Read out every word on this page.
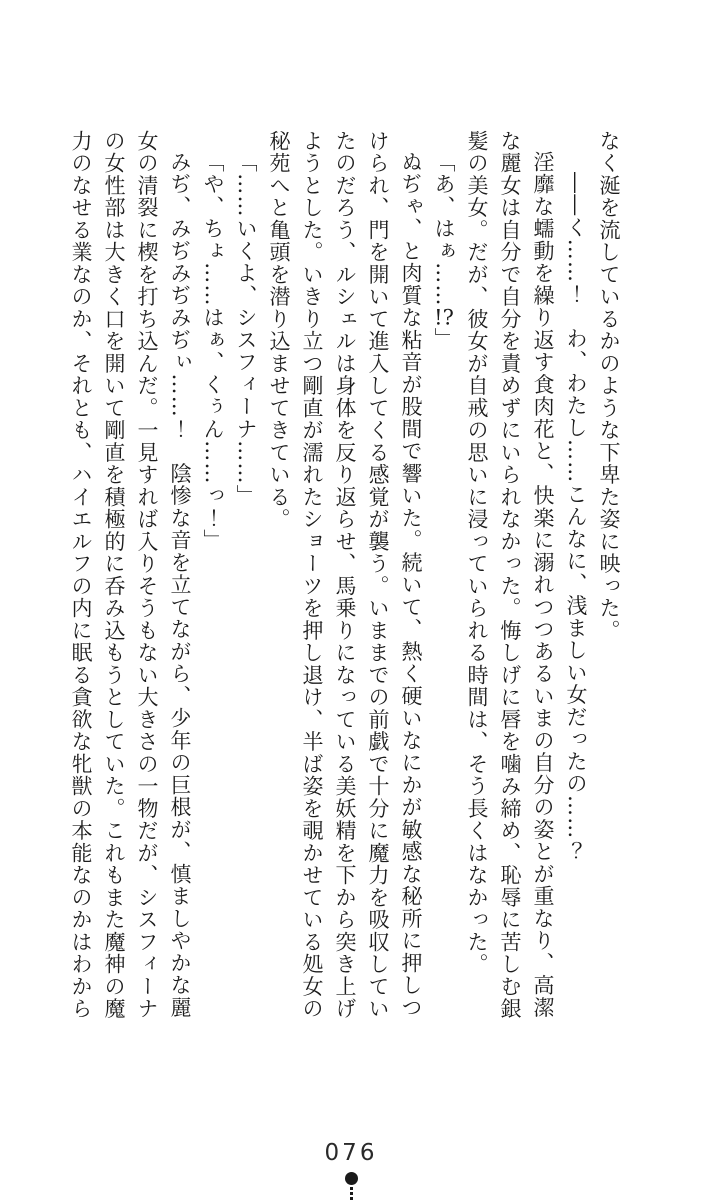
なく涎を流しているかのような下卑た姿に映った。

――く……！　わ、わたし……こんなに、浅ましい女だったの……？

淫靡な蠕動を繰り返す食肉花と、快楽に溺れつつあるいまの自分の姿とが重なり、高潔な麗女は自分で自分を責めずにいられなかった。悔しげに唇を噛み締め、恥辱に苦しむ銀髪の美女。だが、彼女が自戒の思いに浸っていられる時間は、そう長くはなかった。

「あ、はぁ……!?」

ぬぢゃ、と肉質な粘音が股間で響いた。続いて、熱く硬いなにかが敏感な秘所に押しつけられ、門を開いて進入してくる感覚が襲う。いままでの前戯で十分に魔力を吸収していたのだろう、ルシェルは身体を反り返らせ、馬乗りになっている美妖精を下から突き上げようとした。いきり立つ剛直が濡れたショーツを押し退け、半ば姿を覗かせている処女の秘苑へと亀頭を潜り込ませてきている。

「……いくよ、シスフィーナ……」

「や、ちょ……はぁ、くぅん……っ！」

みぢ、みぢみぢみぢぃ……！　陰惨な音を立てながら、少年の巨根が、慎ましやかな麗女の清裂に楔を打ち込んだ。一見すれば入りそうもない大きさの一物だが、シスフィーナの女性部は大きく口を開いて剛直を積極的に呑み込もうとしていた。これもまた魔神の魔力のなせる業なのか、それとも、ハイエルフの内に眠る貪欲な牝獣の本能なのかはわから

076
